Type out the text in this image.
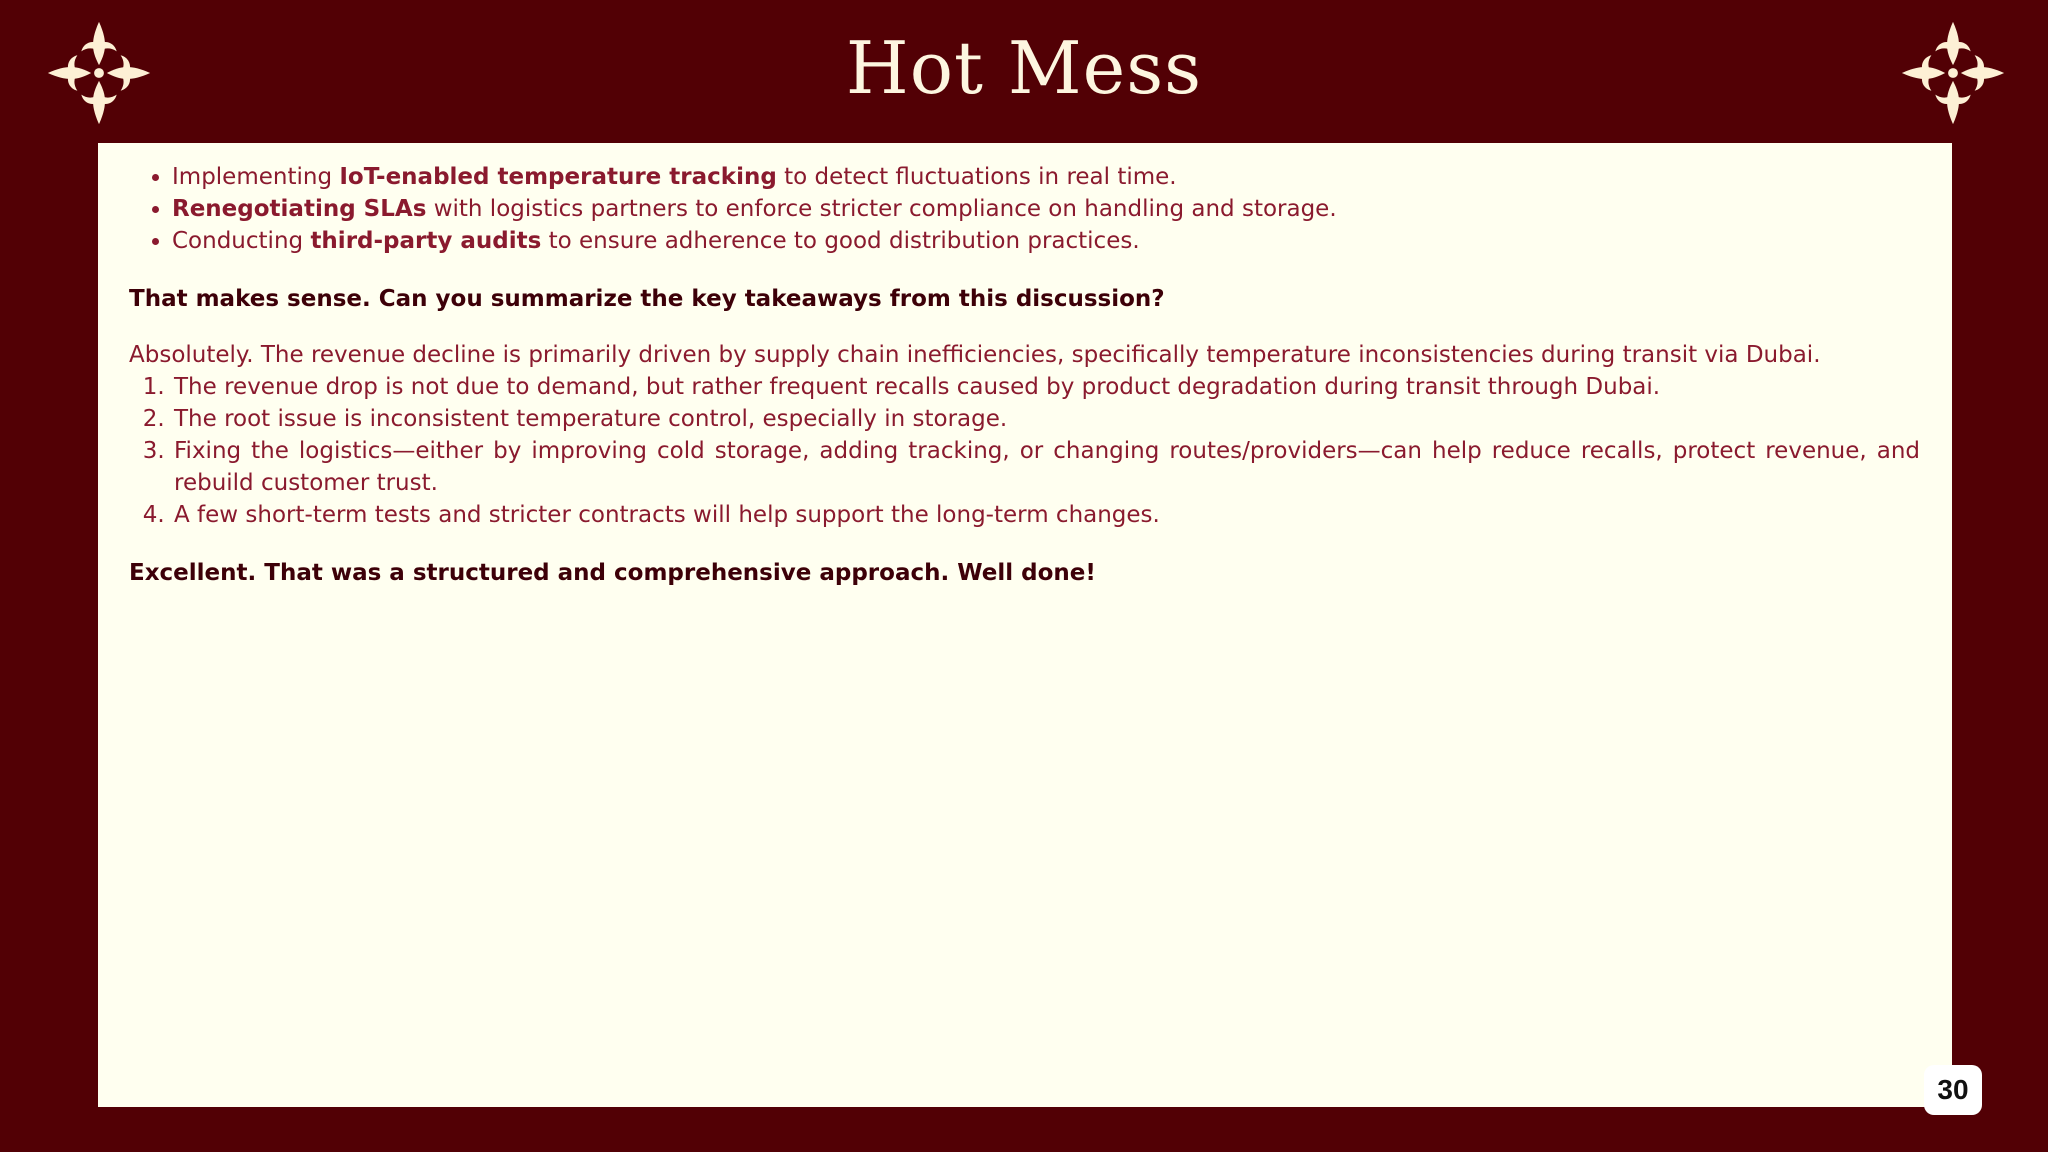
Hot Mess
• Implementing IoT-enabled temperature tracking to detect fluctuations in real time.
• Renegotiating SLAs with logistics partners to enforce stricter compliance on handling and storage.
• Conducting third-party audits to ensure adherence to good distribution practices.

That makes sense. Can you summarize the key takeaways from this discussion?

Absolutely. The revenue decline is primarily driven by supply chain inefficiencies, specifically temperature inconsistencies during transit via Dubai.

1. The revenue drop is not due to demand, but rather frequent recalls caused by product degradation during transit through Dubai.
2. The root issue is inconsistent temperature control, especially in storage.
3. Fixing the logistics—either by improving cold storage, adding tracking, or changing routes/providers—can help reduce recalls, protect revenue, and rebuild customer trust.
4. A few short-term tests and stricter contracts will help support the long-term changes.

Excellent. That was a structured and comprehensive approach. Well done!

30
